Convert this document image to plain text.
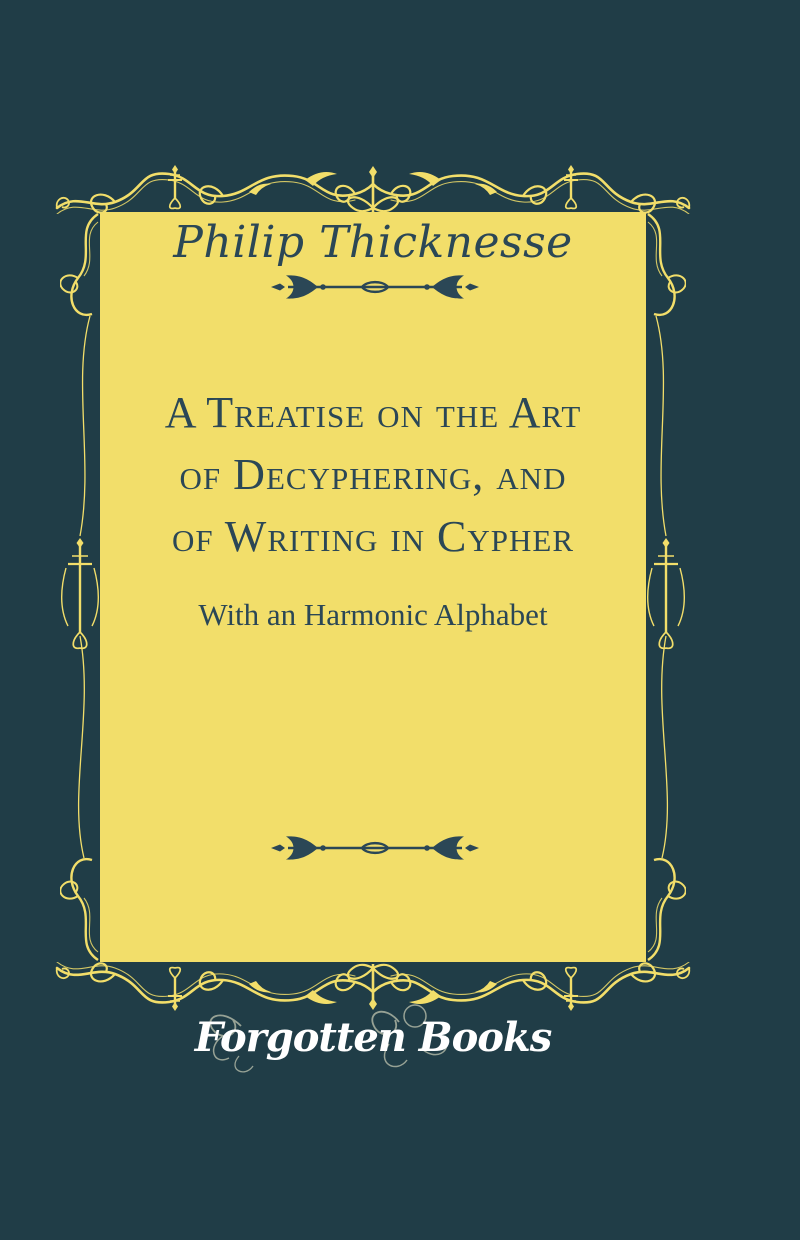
Philip Thicknesse
A Treatise on the Art
of Decyphering, and
of Writing in Cypher
With an Harmonic Alphabet
Forgotten Books
